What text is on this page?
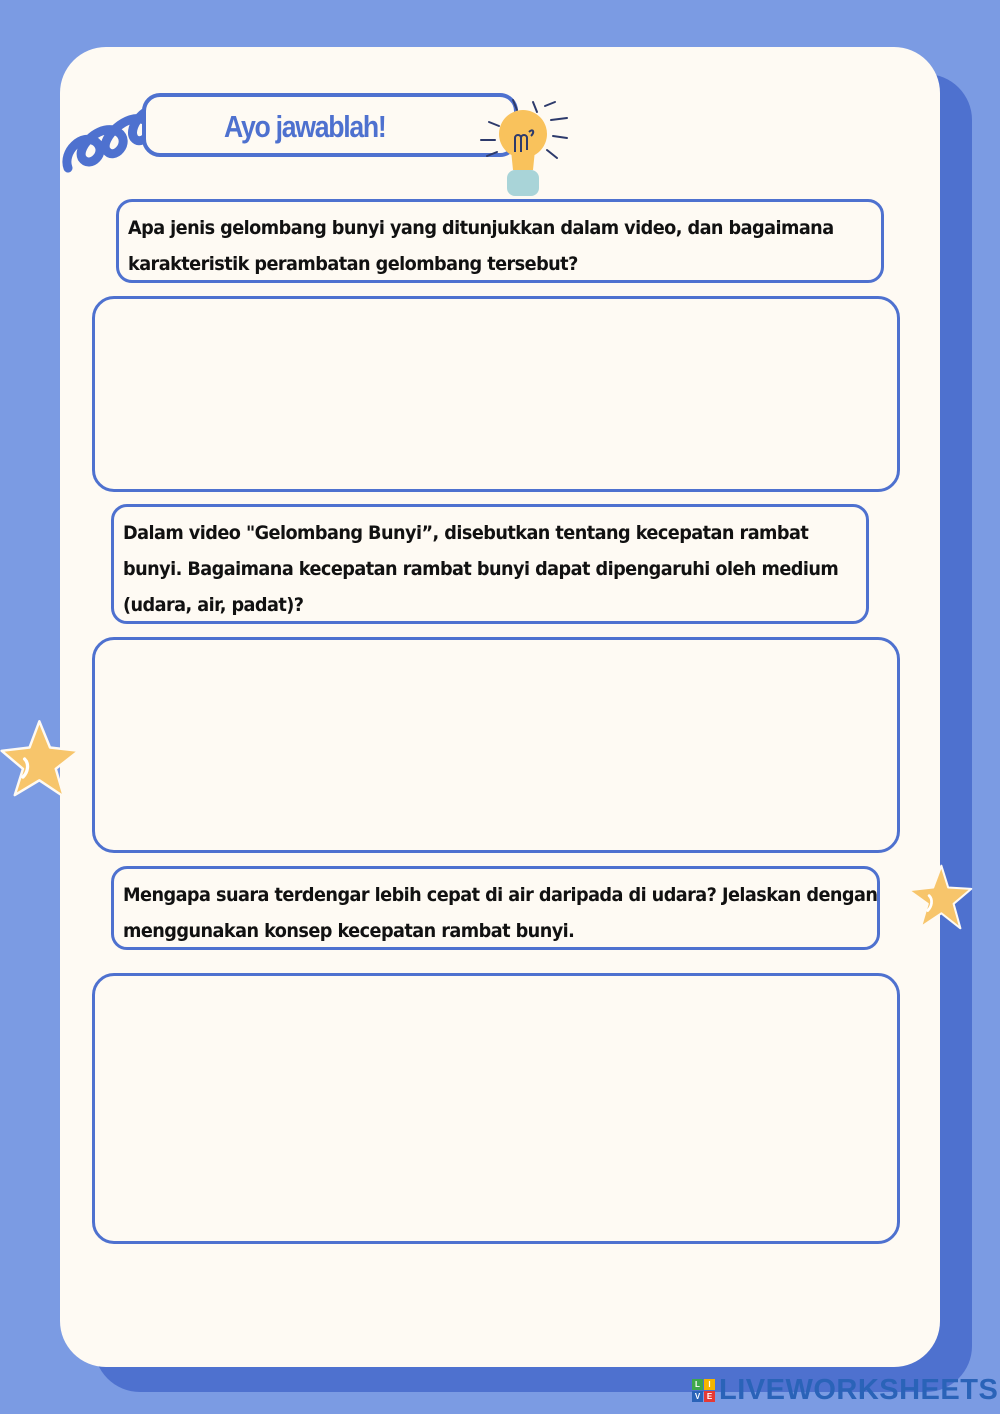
Ayo jawablah!
Apa jenis gelombang bunyi yang ditunjukkan dalam video, dan bagaimana karakteristik perambatan gelombang tersebut?
Dalam video "Gelombang Bunyi”, disebutkan tentang kecepatan rambat bunyi. Bagaimana kecepatan rambat bunyi dapat dipengaruhi oleh medium (udara, air, padat)?
Mengapa suara terdengar lebih cepat di air daripada di udara? Jelaskan dengan menggunakan konsep kecepatan rambat bunyi.
L	I
V E LIVEWORKSHEETS
